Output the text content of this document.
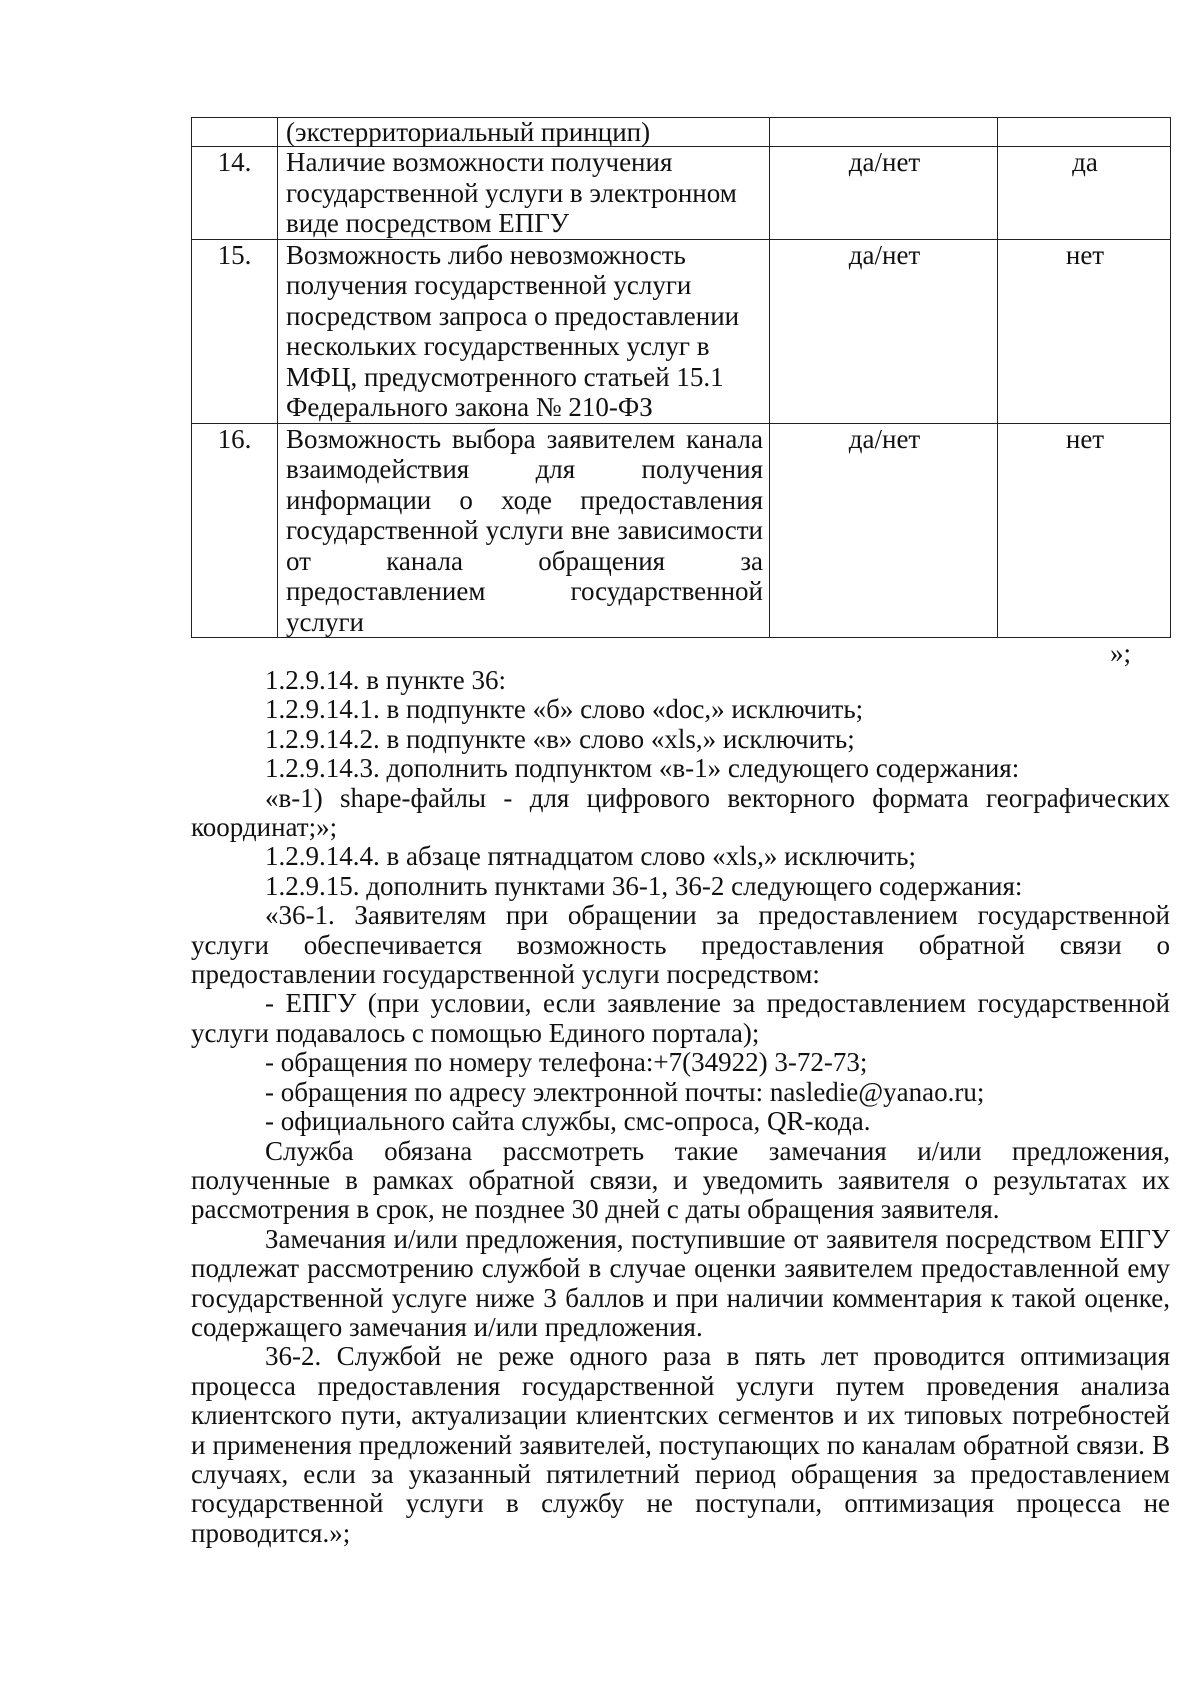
	(экстерриториальный принцип)		
14.	Наличие возможности получения государственной услуги в электронном виде посредством ЕПГУ	да/нет	да
15.	Возможность либо невозможность получения государственной услуги посредством запроса о предоставлении нескольких государственных услуг в МФЦ, предусмотренного статьей 15.1 Федерального закона № 210-ФЗ	да/нет	нет
16.	Возможность выбора заявителем канала взаимодействия для получения информации о ходе предоставления государственной услуги вне зависимости от канала обращения за предоставлением государственной услуги	да/нет	нет
»;

1.2.9.14. в пункте 36:

1.2.9.14.1. в подпункте «б» слово «doc,» исключить;

1.2.9.14.2. в подпункте «в» слово «xls,» исключить;

1.2.9.14.3. дополнить подпунктом «в-1» следующего содержания:

«в-1) shape-файлы - для цифрового векторного формата географических координат;»;

1.2.9.14.4. в абзаце пятнадцатом слово «xls,» исключить;

1.2.9.15. дополнить пунктами 36-1, 36-2 следующего содержания:

«36-1. Заявителям при обращении за предоставлением государственной услуги обеспечивается возможность предоставления обратной связи о предоставлении государственной услуги посредством:

- ЕПГУ (при условии, если заявление за предоставлением государственной услуги подавалось с помощью Единого портала);

- обращения по номеру телефона:+7(34922) 3-72-73;

- обращения по адресу электронной почты: nasledie@yanao.ru;

- официального сайта службы, смс-опроса, QR-кода.

Служба обязана рассмотреть такие замечания и/или предложения, полученные в рамках обратной связи, и уведомить заявителя о результатах их рассмотрения в срок, не позднее 30 дней с даты обращения заявителя.

Замечания и/или предложения, поступившие от заявителя посредством ЕПГУ подлежат рассмотрению службой в случае оценки заявителем предоставленной ему государственной услуге ниже 3 баллов и при наличии комментария к такой оценке, содержащего замечания и/или предложения.

36-2. Службой не реже одного раза в пять лет проводится оптимизация процесса предоставления государственной услуги путем проведения анализа клиентского пути, актуализации клиентских сегментов и их типовых потребностей и применения предложений заявителей, поступающих по каналам обратной связи. В случаях, если за указанный пятилетний период обращения за предоставлением государственной услуги в службу не поступали, оптимизация процесса не проводится.»;
